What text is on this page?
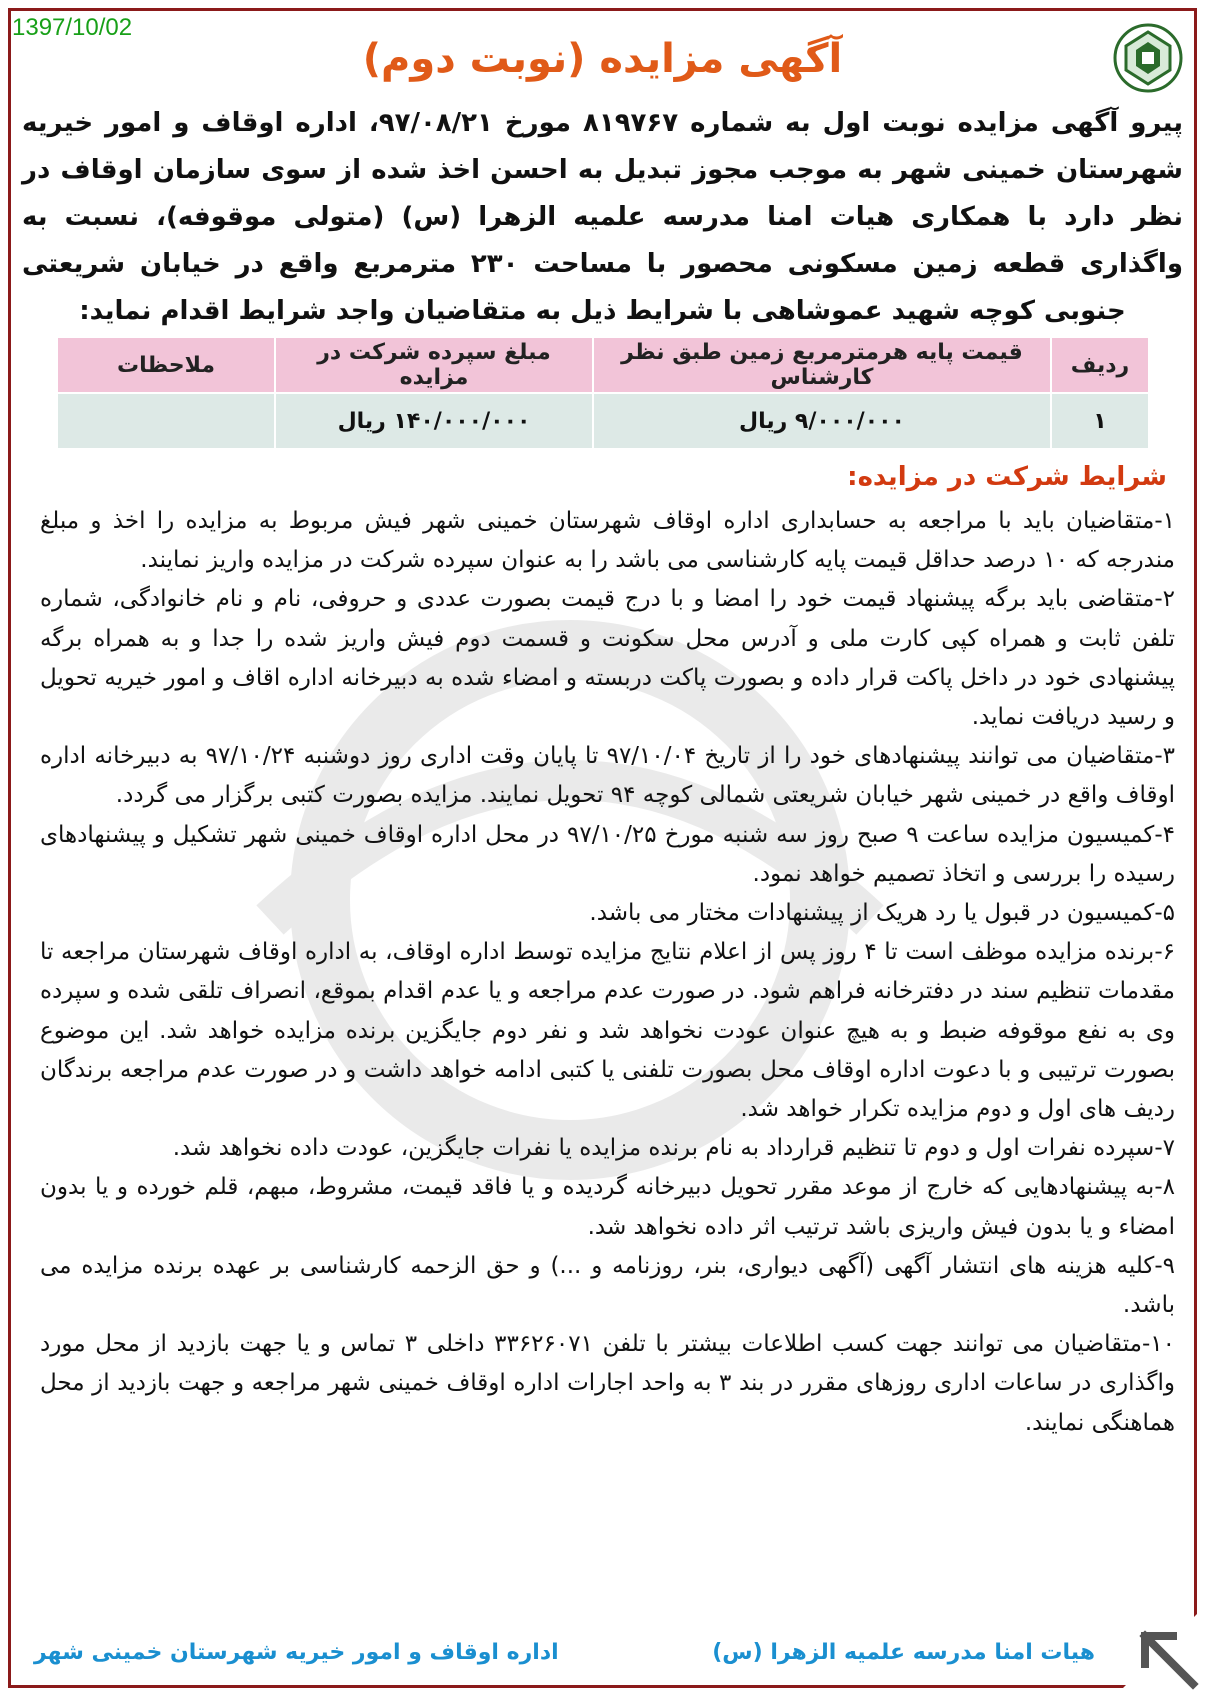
1397/10/02
آگهی مزایده (نوبت دوم)
پیرو آگهی مزایده نوبت اول به شماره ۸۱۹۷۶۷ مورخ ۹۷/۰۸/۲۱، اداره اوقاف و امور خیریه شهرستان خمینی شهر به موجب مجوز تبدیل به احسن اخذ شده از سوی سازمان اوقاف در نظر دارد با همکاری هیات امنا مدرسه علمیه الزهرا (س) (متولی موقوفه)، نسبت به واگذاری قطعه زمین مسکونی محصور با مساحت ۲۳۰ مترمربع واقع در خیابان شریعتی جنوبی کوچه شهید عموشاهی با شرایط ذیل به متقاضیان واجد شرایط اقدام نماید:
ردیف	قیمت پایه هرمترمربع زمین طبق نظر کارشناس	مبلغ سپرده شرکت در مزایده	ملاحظات
۱	۹/۰۰۰/۰۰۰ ریال	۱۴۰/۰۰۰/۰۰۰ ریال	
شرایط شرکت در مزایده:

۱-متقاضیان باید با مراجعه به حسابداری اداره اوقاف شهرستان خمینی شهر فیش مربوط به مزایده را اخذ و مبلغ مندرجه که ۱۰ درصد حداقل قیمت پایه کارشناسی می باشد را به عنوان سپرده شرکت در مزایده واریز نمایند.

۲-متقاضی باید برگه پیشنهاد قیمت خود را امضا و با درج قیمت بصورت عددی و حروفی، نام و نام خانوادگی، شماره تلفن ثابت و همراه کپی کارت ملی و آدرس محل سکونت و قسمت دوم فیش واریز شده را جدا و به همراه برگه پیشنهادی خود در داخل پاکت قرار داده و بصورت پاکت دربسته و امضاء شده به دبیرخانه اداره اقاف و امور خیریه تحویل و رسید دریافت نماید.

۳-متقاضیان می توانند پیشنهادهای خود را از تاریخ ۹۷/۱۰/۰۴ تا پایان وقت اداری روز دوشنبه ۹۷/۱۰/۲۴ به دبیرخانه اداره اوقاف واقع در خمینی شهر خیابان شریعتی شمالی کوچه ۹۴ تحویل نمایند. مزایده بصورت کتبی برگزار می گردد.

۴-کمیسیون مزایده ساعت ۹ صبح روز سه شنبه مورخ ۹۷/۱۰/۲۵ در محل اداره اوقاف خمینی شهر تشکیل و پیشنهادهای رسیده را بررسی و اتخاذ تصمیم خواهد نمود.

۵-کمیسیون در قبول یا رد هریک از پیشنهادات مختار می باشد.

۶-برنده مزایده موظف است تا ۴ روز پس از اعلام نتایج مزایده توسط اداره اوقاف، به اداره اوقاف شهرستان مراجعه تا مقدمات تنظیم سند در دفترخانه فراهم شود. در صورت عدم مراجعه و یا عدم اقدام بموقع، انصراف تلقی شده و سپرده وی به نفع موقوفه ضبط و به هیچ عنوان عودت نخواهد شد و نفر دوم جایگزین برنده مزایده خواهد شد. این موضوع بصورت ترتیبی و با دعوت اداره اوقاف محل بصورت تلفنی یا کتبی ادامه خواهد داشت و در صورت عدم مراجعه برندگان ردیف های اول و دوم مزایده تکرار خواهد شد.

۷-سپرده نفرات اول و دوم تا تنظیم قرارداد به نام برنده مزایده یا نفرات جایگزین، عودت داده نخواهد شد.

۸-به پیشنهادهایی که خارج از موعد مقرر تحویل دبیرخانه گردیده و یا فاقد قیمت، مشروط، مبهم، قلم خورده و یا بدون امضاء و یا بدون فیش واریزی باشد ترتیب اثر داده نخواهد شد.

۹-کلیه هزینه های انتشار آگهی (آگهی دیواری، بنر، روزنامه و ...) و حق الزحمه کارشناسی بر عهده برنده مزایده می باشد.

۱۰-متقاضیان می توانند جهت کسب اطلاعات بیشتر با تلفن ۳۳۶۲۶۰۷۱ داخلی ۳ تماس و یا جهت بازدید از محل مورد واگذاری در ساعات اداری روزهای مقرر در بند ۳ به واحد اجارات اداره اوقاف خمینی شهر مراجعه و جهت بازدید از محل هماهنگی نمایند.

هیات امنا مدرسه علمیه الزهرا (س)
اداره اوقاف و امور خیریه شهرستان خمینی شهر
